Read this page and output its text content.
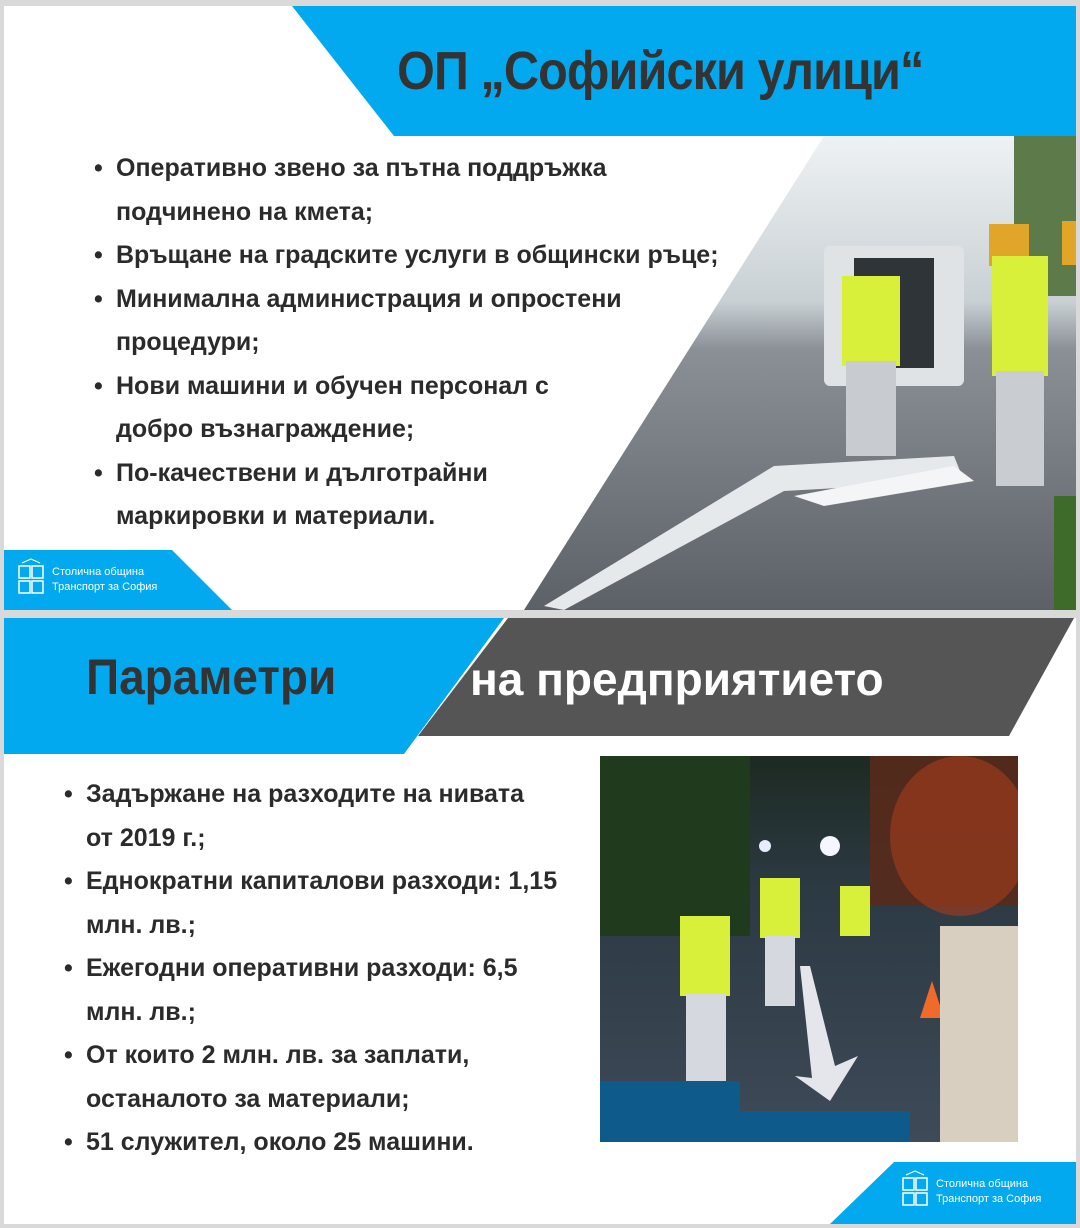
ОП „Софийски улици“
• Оперативно звено за пътна поддръжка подчинено на кмета;
• Връщане на градските услуги в общински ръце;
• Минимална администрация и опростени процедури;
• Нови машини и обучен персонал с добро възнаграждение;
• По-качествени и дълготрайни маркировки и материали.
Столична община
Транспорт за София
Параметри	на предприятието
• Задържане на разходите на нивата от 2019 г.;
• Еднократни капиталови разходи: 1,15 млн. лв.;
• Ежегодни оперативни разходи: 6,5 млн. лв.;
• От които 2 млн. лв. за заплати, останалото за материали;
• 51 служител, около 25 машини.
Столична община
Транспорт за София
